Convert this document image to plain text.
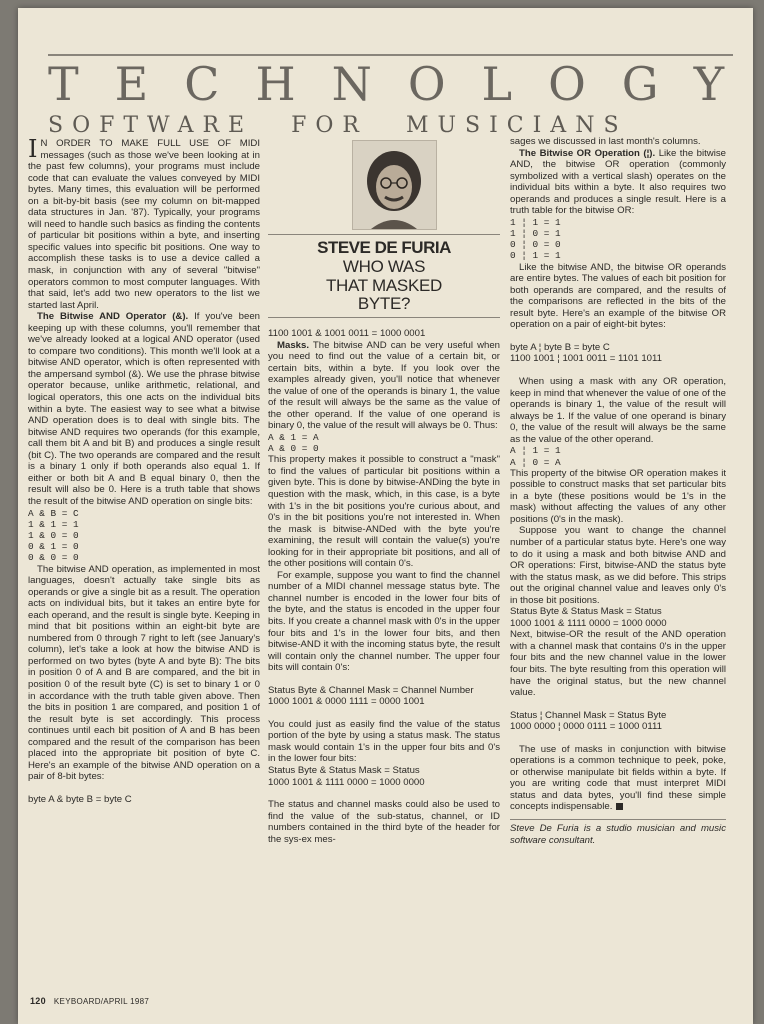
TECHNOLOGY
SOFTWARE FOR MUSICIANS

I N ORDER TO MAKE FULL USE OF MIDI messages (such as those we've been looking at in the past few columns), your programs must include code that can evaluate the values conveyed by MIDI bytes. Many times, this evaluation will be performed on a bit-by-bit basis (see my column on bit-mapped data structures in Jan. '87). Typically, your programs will need to handle such basics as finding the contents of particular bit positions within a byte, and inserting specific values into specific bit positions. One way to accomplish these tasks is to use a device called a mask, in conjunction with any of several "bitwise" operators common to most computer languages. With that said, let's add two new operators to the list we started last April.

The Bitwise AND Operator (&). If you've been keeping up with these columns, you'll remember that we've already looked at a logical AND operator (used to compare two conditions). This month we'll look at a bitwise AND operator, which is often represented with the ampersand symbol (&). We use the phrase bitwise operator because, unlike arithmetic, relational, and logical operators, this one acts on the individual bits within a byte. The easiest way to see what a bitwise AND operation does is to deal with single bits. The bitwise AND requires two operands (for this example, call them bit A and bit B) and produces a single result (bit C). The two operands are compared and the result is a binary 1 only if both operands also equal 1. If either or both bit A and B equal binary 0, then the result will also be 0. Here is a truth table that shows the result of the bitwise AND operation on single bits:

A & B = C
1 & 1 = 1
1 & 0 = 0
0 & 1 = 0
0 & 0 = 0

The bitwise AND operation, as implemented in most languages, doesn't actually take single bits as operands or give a single bit as a result. The operation acts on individual bits, but it takes an entire byte for each operand, and the result is single byte. Keeping in mind that bit positions within an eight-bit byte are numbered from 0 through 7 right to left (see January's column), let's take a look at how the bitwise AND is performed on two bytes (byte A and byte B): The bits in position 0 of A and B are compared, and the bit in position 0 of the result byte (C) is set to binary 1 or 0 in accordance with the truth table given above. Then the bits in position 1 are compared, and position 1 of the result byte is set accordingly. This process continues until each bit position of A and B has been compared and the result of the comparison has been placed into the appropriate bit position of byte C. Here's an example of the bitwise AND operation on a pair of 8-bit bytes:

byte A & byte B = byte C

STEVE DE FURIA
WHO WAS
THAT MASKED
BYTE?

1100 1001 & 1001 0011 = 1000 0001

Masks. The bitwise AND can be very useful when you need to find out the value of a certain bit, or certain bits, within a byte. If you look over the examples already given, you'll notice that whenever the value of one of the operands is binary 1, the value of the result will always be the same as the value of the other operand. If the value of one operand is binary 0, the value of the result will always be 0. Thus:

A & 1 = A
A & 0 = 0

This property makes it possible to construct a "mask" to find the values of particular bit positions within a given byte. This is done by bitwise-ANDing the byte in question with the mask, which, in this case, is a byte with 1's in the bit positions you're curious about, and 0's in the bit positions you're not interested in. When the mask is bitwise-ANDed with the byte you're examining, the result will contain the value(s) you're looking for in their appropriate bit positions, and all of the other positions will contain 0's.

For example, suppose you want to find the channel number of a MIDI channel message status byte. The channel number is encoded in the lower four bits of the byte, and the status is encoded in the upper four bits. If you create a channel mask with 0's in the upper four bits and 1's in the lower four bits, and then bitwise-AND it with the incoming status byte, the result will contain only the channel number. The upper four bits will contain 0's:

Status Byte & Channel Mask = Channel Number

1000 1001 & 0000 1111 = 0000 1001

You could just as easily find the value of the status portion of the byte by using a status mask. The status mask would contain 1's in the upper four bits and 0's in the lower four bits:

Status Byte & Status Mask = Status

1000 1001 & 1111 0000 = 1000 0000

The status and channel masks could also be used to find the value of the sub-status, channel, or ID numbers contained in the third byte of the header for the sys-ex mes-

sages we discussed in last month's columns.

The Bitwise OR Operation (¦). Like the bitwise AND, the bitwise OR operation (commonly symbolized with a vertical slash) operates on the individual bits within a byte. It also requires two operands and produces a single result. Here is a truth table for the bitwise OR:

1 ¦ 1 = 1
1 ¦ 0 = 1
0 ¦ 0 = 0
0 ¦ 1 = 1

Like the bitwise AND, the bitwise OR operands are entire bytes. The values of each bit position for both operands are compared, and the results of the comparisons are reflected in the bits of the result byte. Here's an example of the bitwise OR operation on a pair of eight-bit bytes:

byte A ¦ byte B = byte C

1100 1001 ¦ 1001 0011 = 1101 1011

When using a mask with any OR operation, keep in mind that whenever the value of one of the operands is binary 1, the value of the result will always be 1. If the value of one operand is binary 0, the value of the result will always be the same as the value of the other operand.

A ¦ 1 = 1
A ¦ 0 = A

This property of the bitwise OR operation makes it possible to construct masks that set particular bits in a byte (these positions would be 1's in the mask) without affecting the values of any other positions (0's in the mask).

Suppose you want to change the channel number of a particular status byte. Here's one way to do it using a mask and both bitwise AND and OR operations: First, bitwise-AND the status byte with the status mask, as we did before. This strips out the original channel value and leaves only 0's in those bit positions.

Status Byte & Status Mask = Status

1000 1001 & 1111 0000 = 1000 0000

Next, bitwise-OR the result of the AND operation with a channel mask that contains 0's in the upper four bits and the new channel value in the lower four bits. The byte resulting from this operation will have the original status, but the new channel value.

Status ¦ Channel Mask = Status Byte

1000 0000 ¦ 0000 0111 = 1000 0111

The use of masks in conjunction with bitwise operations is a common technique to peek, poke, or otherwise manipulate bit fields within a byte. If you are writing code that must interpret MIDI status and data bytes, you'll find these simple concepts indispensable.

Steve De Furia is a studio musician and music software consultant.

120 KEYBOARD/APRIL 1987
